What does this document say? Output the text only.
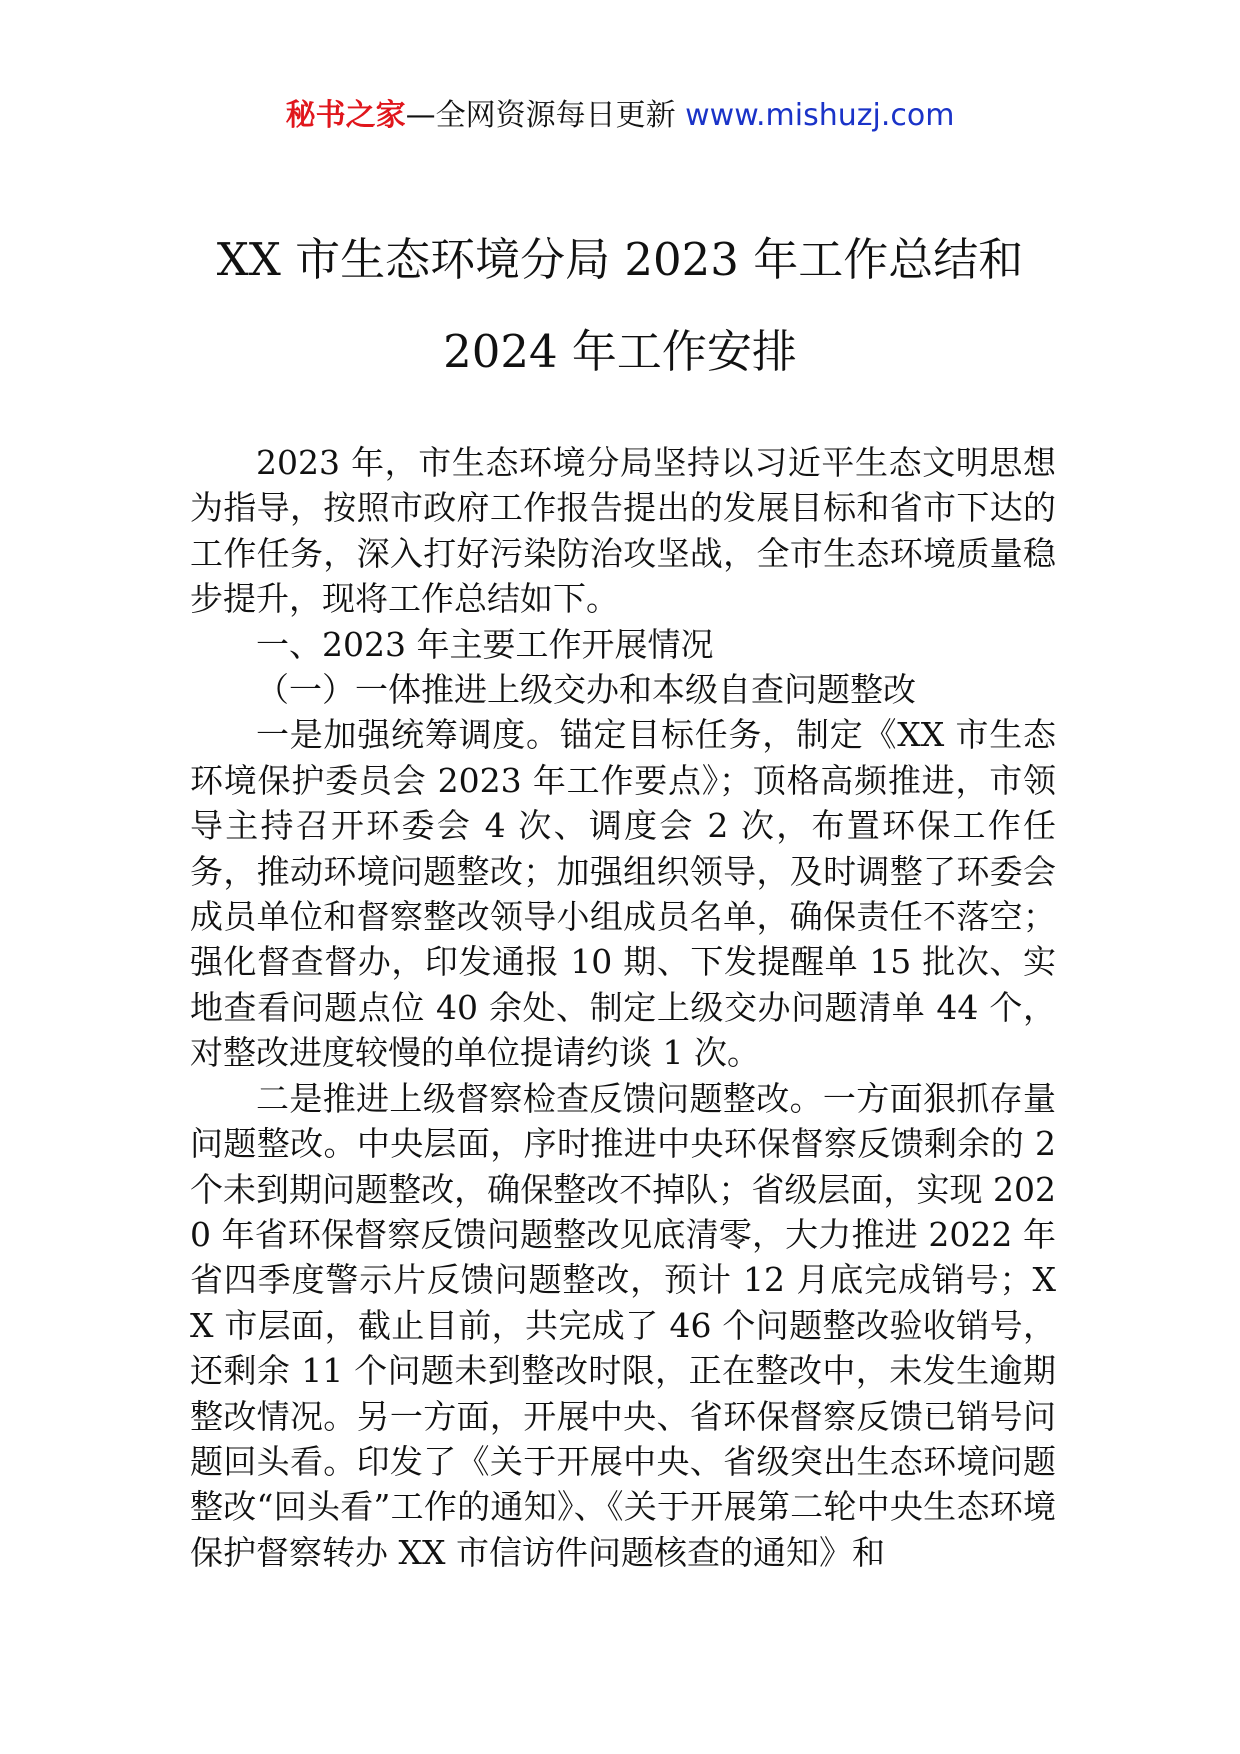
秘书之家—全网资源每日更新 www.mishuzj.com
XX 市生态环境分局 2023 年工作总结和
2024 年工作安排

2023 年，市生态环境分局坚持以习近平生态文明思想为指导，按照市政府工作报告提出的发展目标和省市下达的工作任务，深入打好污染防治攻坚战，全市生态环境质量稳步提升，现将工作总结如下。

一、2023 年主要工作开展情况

（一）一体推进上级交办和本级自查问题整改

一是加强统筹调度。锚定目标任务，制定《XX 市生态环境保护委员会 2023 年工作要点》；顶格高频推进，市领导主持召开环委会 4 次、调度会 2 次，布置环保工作任务，推动环境问题整改；加强组织领导，及时调整了环委会成员单位和督察整改领导小组成员名单，确保责任不落空；强化督查督办，印发通报 10 期、下发提醒单 15 批次、实地查看问题点位 40 余处、制定上级交办问题清单 44 个，对整改进度较慢的单位提请约谈 1 次。

二是推进上级督察检查反馈问题整改。一方面狠抓存量问题整改。中央层面，序时推进中央环保督察反馈剩余的 2 个未到期问题整改，确保整改不掉队；省级层面，实现 2020 年省环保督察反馈问题整改见底清零，大力推进 2022 年省四季度警示片反馈问题整改，预计 12 月底完成销号；XX 市层面，截止目前，共完成了 46 个问题整改验收销号，还剩余 11 个问题未到整改时限，正在整改中，未发生逾期整改情况。另一方面，开展中央、省环保督察反馈已销号问题回头看。印发了《关于开展中央、省级突出生态环境问题整改“回头看”工作的通知》、《关于开展第二轮中央生态环境保护督察转办 XX 市信访件问题核查的通知》和
